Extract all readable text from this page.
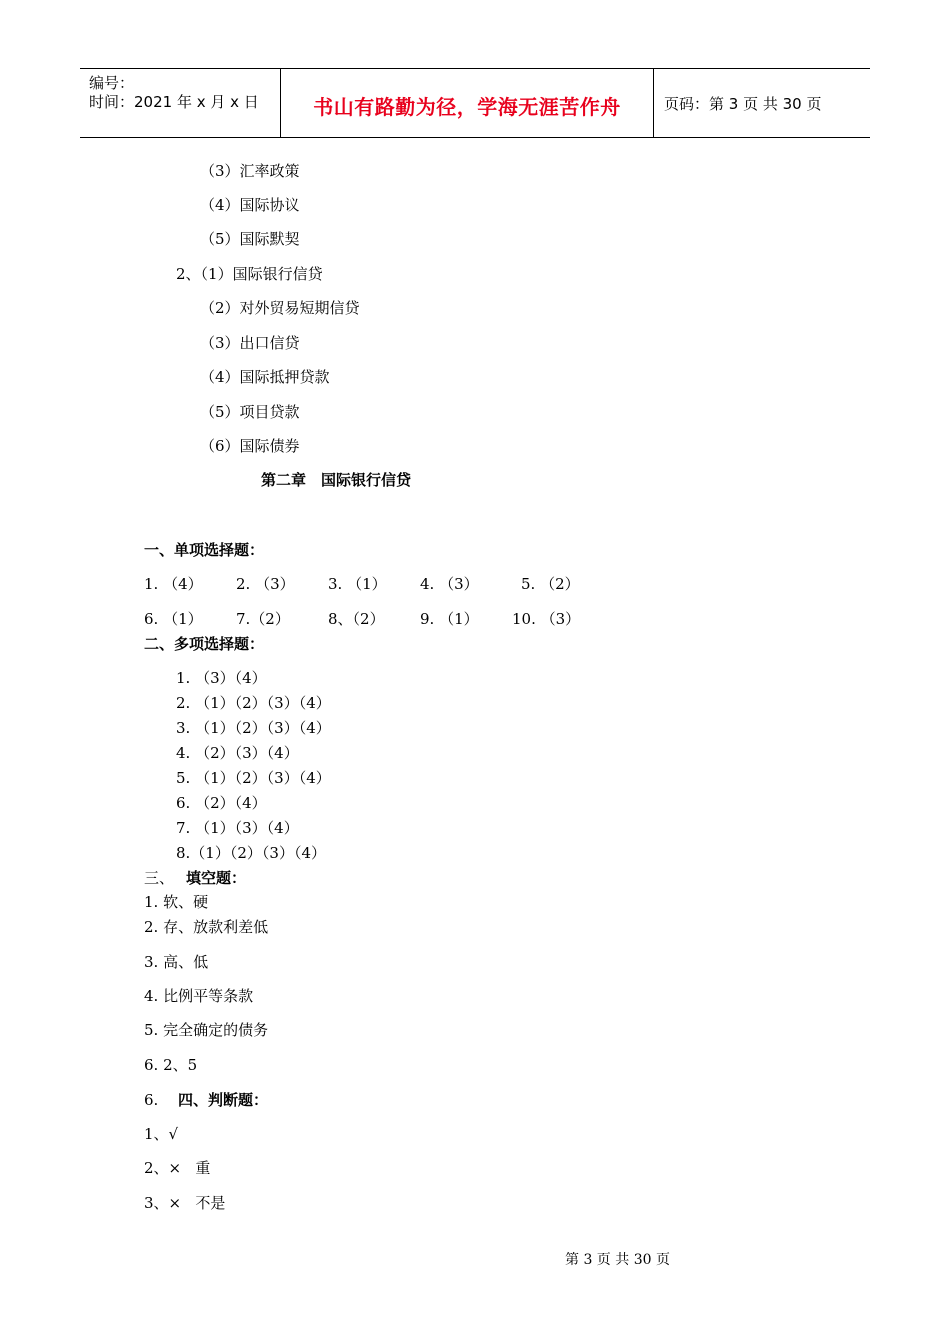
编号：
时间：2021 年 x 月 x 日	书山有路勤为径，学海无涯苦作舟	页码：第 3 页 共 30 页
（3）汇率政策
（4）国际协议
（5）国际默契
2、（1）国际银行信贷
（2）对外贸易短期信贷
（3）出口信贷
（4）国际抵押贷款
（5）项目贷款
（6）国际债券
第二章　国际银行信贷
一、单项选择题：
1. （4） 2. （3） 3. （1） 4. （3）	5. （2）
6. （1） 7.（2）	8、（2） 9. （1） 10. （3）
二、多项选择题：
1. （3）（4）
2. （1）（2）（3）（4）
3. （1）（2）（3）（4）
4. （2）（3）（4）
5. （1）（2）（3）（4）
6. （2）（4）
7. （1）（3）（4）
8.（1）（2）（3）（4）
三、 填空题：
1. 软、硬
2. 存、放款利差低
3. 高、低
4. 比例平等条款
5. 完全确定的债务
6. 2、5
6. 四、判断题：
1、√
2、×   重
3、×   不是
第 3 页 共 30 页
